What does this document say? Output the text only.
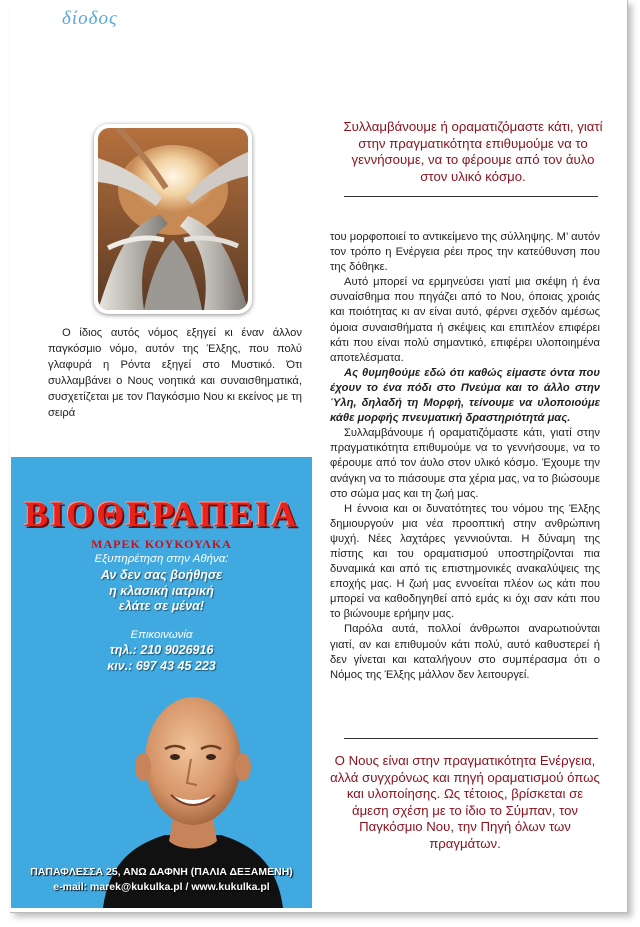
δίοδος
Ο ίδιος αυτός νόμος εξηγεί κι έναν άλλον παγκόσμιο νόμο, αυτόν της Έλξης, που πολύ γλαφυρά η Ρόντα εξηγεί στο Μυστικό. Ότι συλλαμβάνει ο Νους νοητικά και συναισθηματικά, συσχετίζεται με τον Παγκόσμιο Νου κι εκείνος με τη σειρά
Συλλαμβάνουμε ή οραματιζόμαστε κάτι, γιατί στην πραγματικότητα επιθυμούμε να το γεννήσουμε, να το φέρουμε από τον άυλο στον υλικό κόσμο.

του μορφοποιεί το αντικείμενο της σύλληψης. Μ’ αυτόν τον τρόπο η Ενέργεια ρέει προς την κατεύθυνση που της δόθηκε.

Αυτό μπορεί να ερμηνεύσει γιατί μια σκέψη ή ένα συναίσθημα που πηγάζει από το Νου, όποιας χροιάς και ποιότητας κι αν είναι αυτό, φέρνει σχεδόν αμέσως όμοια συναισθήματα ή σκέψεις και επιπλέον επιφέρει κάτι που είναι πολύ σημαντικό, επιφέρει υλοποιημένα αποτελέσματα.

Ας θυμηθούμε εδώ ότι καθώς είμαστε όντα που έχουν το ένα πόδι στο Πνεύμα και το άλλο στην Ύλη, δηλαδή τη Μορφή, τείνουμε να υλοποιούμε κάθε μορφής πνευματική δραστηριότητά μας.

Συλλαμβάνουμε ή οραματιζόμαστε κάτι, γιατί στην πραγματικότητα επιθυμούμε να το γεννήσουμε, να το φέρουμε από τον άυλο στον υλικό κόσμο. Έχουμε την ανάγκη να το πιάσουμε στα χέρια μας, να το βιώσουμε στο σώμα μας και τη ζωή μας.

Η έννοια και οι δυνατότητες του νόμου της Έλξης δημιουργούν μια νέα προοπτική στην ανθρώπινη ψυχή. Νέες λαχτάρες γεννιούνται. Η δύναμη της πίστης και του οραματισμού υποστηρίζονται πια δυναμικά και από τις επιστημονικές ανακαλύψεις της εποχής μας. Η ζωή μας εννοείται πλέον ως κάτι που μπορεί να καθοδηγηθεί από εμάς κι όχι σαν κάτι που το βιώνουμε ερήμην μας.

Παρόλα αυτά, πολλοί άνθρωποι αναρωτιούνται γιατί, αν και επιθυμούν κάτι πολύ, αυτό καθυστερεί ή δεν γίνεται και καταλήγουν στο συμπέρασμα ότι ο Νόμος της Έλξης μάλλον δεν λειτουργεί.

Ο Νους είναι στην πραγματικότητα Ενέργεια, αλλά συγχρόνως και πηγή οραματισμού όπως και υλοποίησης. Ως τέτοιος, βρίσκεται σε άμεση σχέση με το ίδιο το Σύμπαν, τον Παγκόσμιο Νου, την Πηγή όλων των πραγμάτων.
ΒΙΟΘΕΡΑΠΕΙΑ
ΜΑΡΕΚ ΚΟΥΚΟΥΛΚΑ
Εξυπηρέτηση στην Αθήνα:
Αν δεν σας βοήθησε
η κλασική ιατρική
ελάτε σε μένα!
Επικοινωνία
τηλ.: 210 9026916
κιν.: 697 43 45 223
ΠΑΠΑΦΛΕΣΣΑ 25, ΑΝΩ ΔΑΦΝΗ (ΠΑΛΙΑ ΔΕΞΑΜΕΝΗ)
e-mail: marek@kukulka.pl / www.kukulka.pl
